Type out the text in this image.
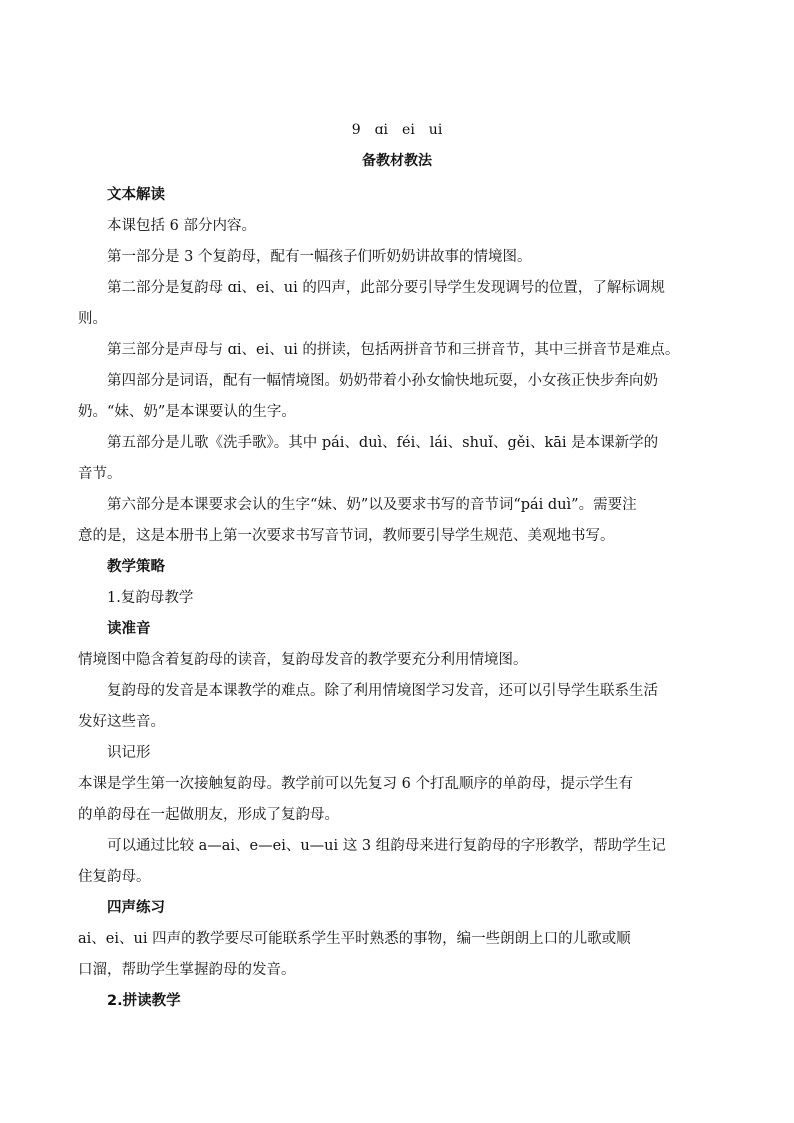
9　ɑi　ei　ui
备教材教法

文本解读

本课包括 6 部分内容。

第一部分是 3 个复韵母，配有一幅孩子们听奶奶讲故事的情境图。

第二部分是复韵母 ɑi、ei、ui 的四声，此部分要引导学生发现调号的位置，了解标调规

则。

第三部分是声母与 ɑi、ei、ui 的拼读，包括两拼音节和三拼音节，其中三拼音节是难点。

第四部分是词语，配有一幅情境图。奶奶带着小孙女愉快地玩耍，小女孩正快步奔向奶

奶。“妹、奶”是本课要认的生字。

第五部分是儿歌《洗手歌》。其中 pái、duì、féi、lái、shuǐ、gěi、kāi 是本课新学的

音节。

第六部分是本课要求会认的生字“妹、奶”以及要求书写的音节词“pái duì”。需要注

意的是，这是本册书上第一次要求书写音节词，教师要引导学生规范、美观地书写。

教学策略

1.复韵母教学

读准音

情境图中隐含着复韵母的读音，复韵母发音的教学要充分利用情境图。

复韵母的发音是本课教学的难点。除了利用情境图学习发音，还可以引导学生联系生活

发好这些音。

识记形

本课是学生第一次接触复韵母。教学前可以先复习 6 个打乱顺序的单韵母，提示学生有

的单韵母在一起做朋友，形成了复韵母。

可以通过比较 a—ai、e—ei、u—ui 这 3 组韵母来进行复韵母的字形教学，帮助学生记

住复韵母。

四声练习

ai、ei、ui 四声的教学要尽可能联系学生平时熟悉的事物，编一些朗朗上口的儿歌或顺

口溜，帮助学生掌握韵母的发音。

2.拼读教学
